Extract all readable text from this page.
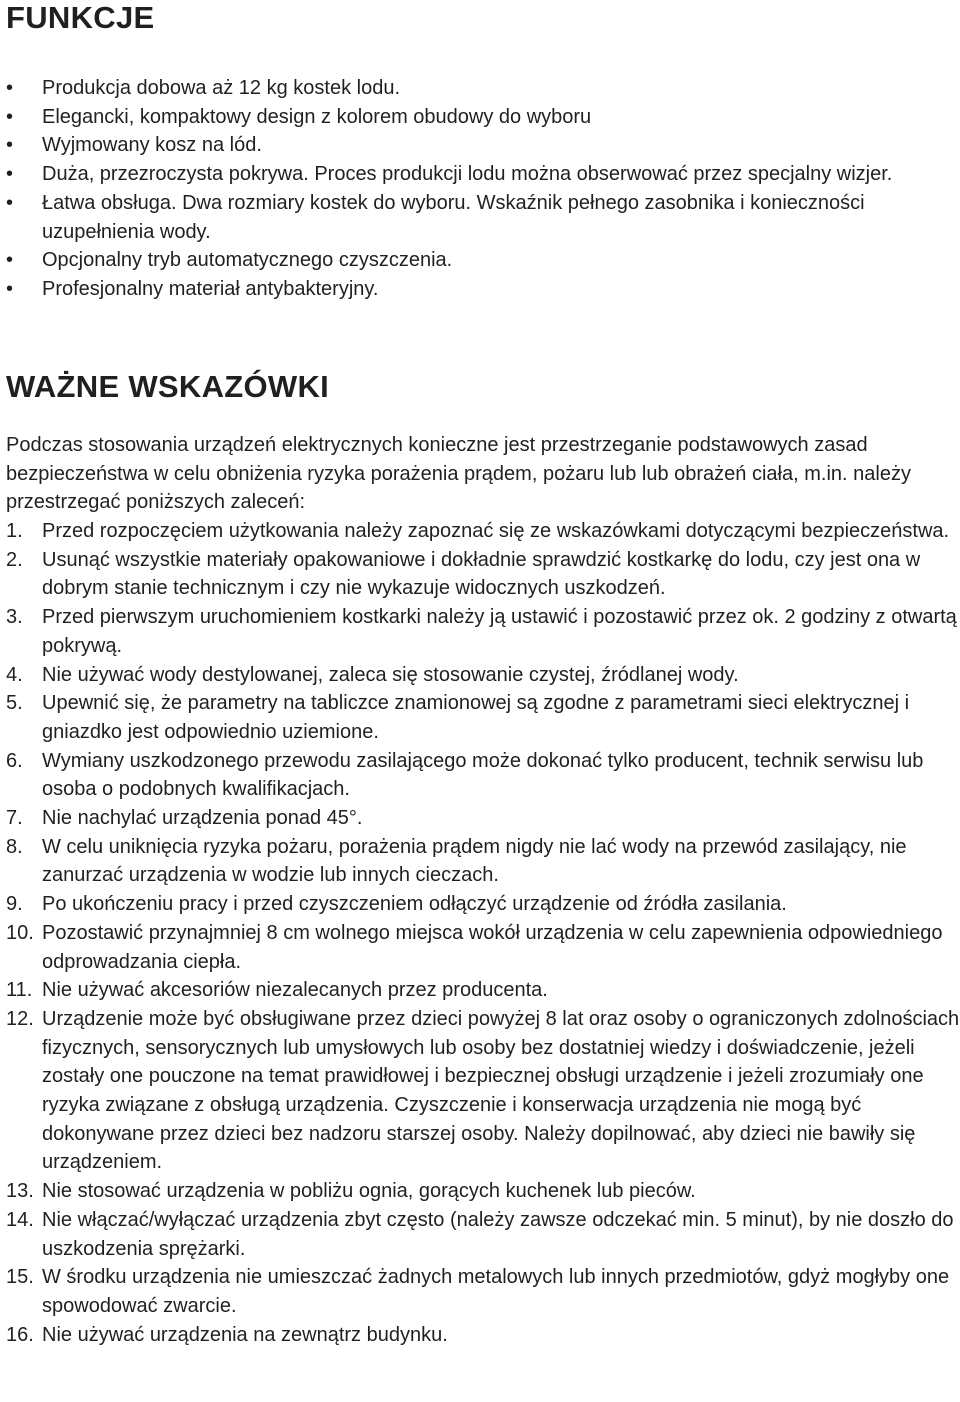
FUNKCJE
• Produkcja dobowa aż 12 kg kostek lodu.
• Elegancki, kompaktowy design z kolorem obudowy do wyboru
• Wyjmowany kosz na lód.
• Duża, przezroczysta pokrywa. Proces produkcji lodu można obserwować przez specjalny wizjer.
• Łatwa obsługa. Dwa rozmiary kostek do wyboru. Wskaźnik pełnego zasobnika i konieczności uzupełnienia wody.
• Opcjonalny tryb automatycznego czyszczenia.
• Profesjonalny materiał antybakteryjny.
WAŻNE WSKAZÓWKI

Podczas stosowania urządzeń elektrycznych konieczne jest przestrzeganie podstawowych zasad bezpieczeństwa w celu obniżenia ryzyka porażenia prądem, pożaru lub lub obrażeń ciała, m.in. należy przestrzegać poniższych zaleceń:

1. Przed rozpoczęciem użytkowania należy zapoznać się ze wskazówkami dotyczącymi bezpieczeństwa.
2. Usunąć wszystkie materiały opakowaniowe i dokładnie sprawdzić kostkarkę do lodu, czy jest ona w dobrym stanie technicznym i czy nie wykazuje widocznych uszkodzeń.
3. Przed pierwszym uruchomieniem kostkarki należy ją ustawić i pozostawić przez ok. 2 godziny z otwartą pokrywą.
4. Nie używać wody destylowanej, zaleca się stosowanie czystej, źródlanej wody.
5. Upewnić się, że parametry na tabliczce znamionowej są zgodne z parametrami sieci elektrycznej i gniazdko jest odpowiednio uziemione.
6. Wymiany uszkodzonego przewodu zasilającego może dokonać tylko producent, technik serwisu lub osoba o podobnych kwalifikacjach.
7. Nie nachylać urządzenia ponad 45°.
8. W celu uniknięcia ryzyka pożaru, porażenia prądem nigdy nie lać wody na przewód zasilający, nie zanurzać urządzenia w wodzie lub innych cieczach.
9. Po ukończeniu pracy i przed czyszczeniem odłączyć urządzenie od źródła zasilania.
10. Pozostawić przynajmniej 8 cm wolnego miejsca wokół urządzenia w celu zapewnienia odpowiedniego odprowadzania ciepła.
11. Nie używać akcesoriów niezalecanych przez producenta.
12. Urządzenie może być obsługiwane przez dzieci powyżej 8 lat oraz osoby o ograniczonych zdolnościach fizycznych, sensorycznych lub umysłowych lub osoby bez dostatniej wiedzy i doświadczenie, jeżeli zostały one pouczone na temat prawidłowej i bezpiecznej obsługi urządzenie i jeżeli zrozumiały one ryzyka związane z obsługą urządzenia. Czyszczenie i konserwacja urządzenia nie mogą być dokonywane przez dzieci bez nadzoru starszej osoby. Należy dopilnować, aby dzieci nie bawiły się urządzeniem.
13. Nie stosować urządzenia w pobliżu ognia, gorących kuchenek lub pieców.
14. Nie włączać/wyłączać urządzenia zbyt często (należy zawsze odczekać min. 5 minut), by nie doszło do uszkodzenia sprężarki.
15. W środku urządzenia nie umieszczać żadnych metalowych lub innych przedmiotów, gdyż mogłyby one spowodować zwarcie.
16. Nie używać urządzenia na zewnątrz budynku.
